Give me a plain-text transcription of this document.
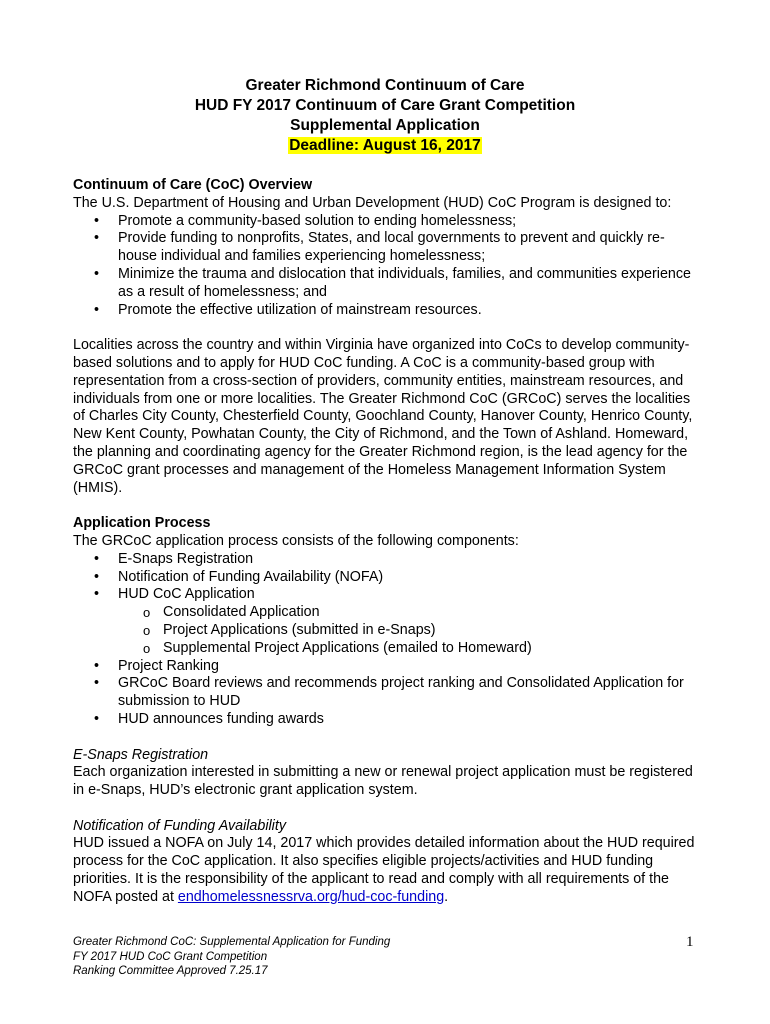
Greater Richmond Continuum of Care
HUD FY 2017 Continuum of Care Grant Competition
Supplemental Application
Deadline: August 16, 2017

Continuum of Care (CoC) Overview

The U.S. Department of Housing and Urban Development (HUD) CoC Program is designed to:

• Promote a community-based solution to ending homelessness;
• Provide funding to nonprofits, States, and local governments to prevent and quickly re-house individual and families experiencing homelessness;
• Minimize the trauma and dislocation that individuals, families, and communities experience as a result of homelessness; and
• Promote the effective utilization of mainstream resources.

Localities across the country and within Virginia have organized into CoCs to develop community-based solutions and to apply for HUD CoC funding. A CoC is a community-based group with representation from a cross-section of providers, community entities, mainstream resources, and individuals from one or more localities. The Greater Richmond CoC (GRCoC) serves the localities of Charles City County, Chesterfield County, Goochland County, Hanover County, Henrico County, New Kent County, Powhatan County, the City of Richmond, and the Town of Ashland. Homeward, the planning and coordinating agency for the Greater Richmond region, is the lead agency for the GRCoC grant processes and management of the Homeless Management Information System (HMIS).

Application Process

The GRCoC application process consists of the following components:

• E-Snaps Registration
• Notification of Funding Availability (NOFA)
• HUD CoC Application
o Consolidated Application
o Project Applications (submitted in e-Snaps)
o Supplemental Project Applications (emailed to Homeward)
• Project Ranking
• GRCoC Board reviews and recommends project ranking and Consolidated Application for submission to HUD
• HUD announces funding awards

E-Snaps Registration

Each organization interested in submitting a new or renewal project application must be registered in e-Snaps, HUD’s electronic grant application system.

Notification of Funding Availability

HUD issued a NOFA on July 14, 2017 which provides detailed information about the HUD required process for the CoC application. It also specifies eligible projects/activities and HUD funding priorities. It is the responsibility of the applicant to read and comply with all requirements of the NOFA posted at endhomelessnessrva.org/hud-coc-funding.

Greater Richmond CoC: Supplemental Application for Funding
FY 2017 HUD CoC Grant Competition
Ranking Committee Approved 7.25.17
1
